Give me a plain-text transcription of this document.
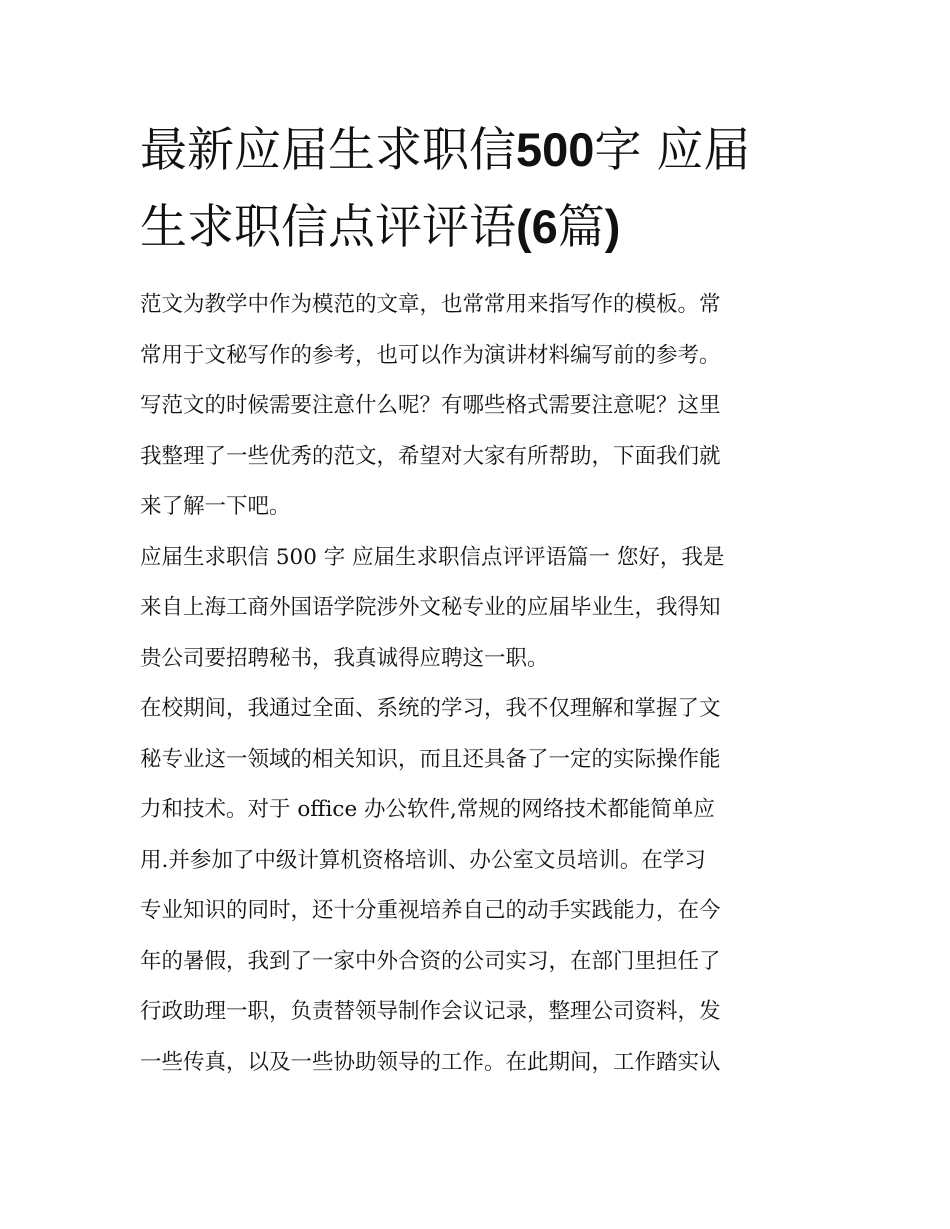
最新应届生求职信500字 应届
生求职信点评评语(6篇)

范文为教学中作为模范的文章，也常常用来指写作的模板。常
常用于文秘写作的参考，也可以作为演讲材料编写前的参考。
写范文的时候需要注意什么呢？有哪些格式需要注意呢？这里
我整理了一些优秀的范文，希望对大家有所帮助，下面我们就
来了解一下吧。

应届生求职信 500 字 应届生求职信点评评语篇一 您好，我是
来自上海工商外国语学院涉外文秘专业的应届毕业生，我得知
贵公司要招聘秘书，我真诚得应聘这一职。

在校期间，我通过全面、系统的学习，我不仅理解和掌握了文
秘专业这一领域的相关知识，而且还具备了一定的实际操作能
力和技术。对于 office 办公软件,常规的网络技术都能简单应
用.并参加了中级计算机资格培训、办公室文员培训。在学习
专业知识的同时，还十分重视培养自己的动手实践能力，在今
年的暑假，我到了一家中外合资的公司实习，在部门里担任了
行政助理一职，负责替领导制作会议记录，整理公司资料，发
一些传真，以及一些协助领导的工作。在此期间，工作踏实认
